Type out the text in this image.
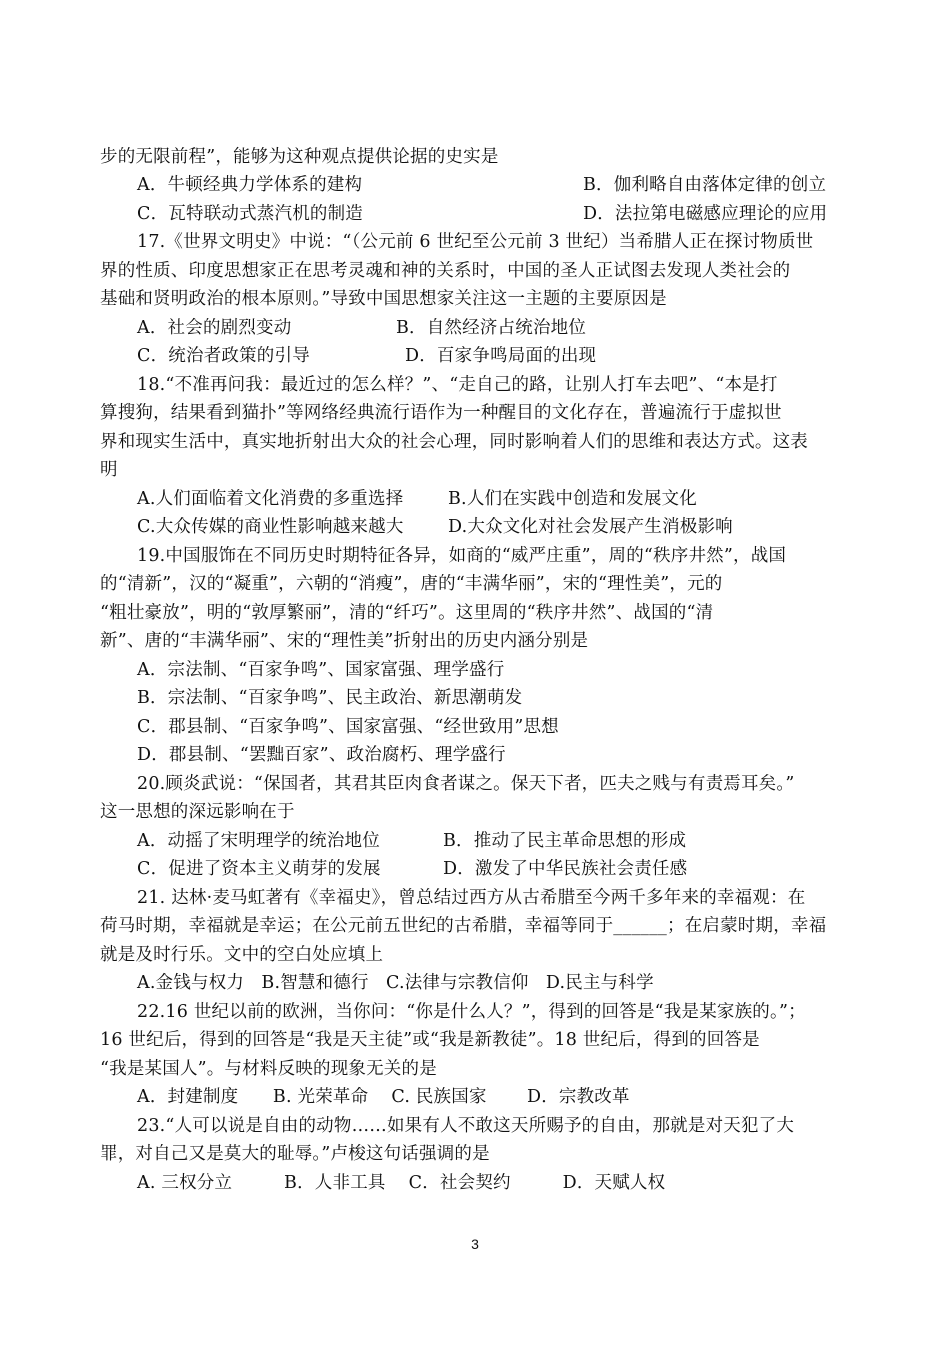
步的无限前程”，能够为这种观点提供论据的史实是
A．牛顿经典力学体系的建构	B．伽利略自由落体定律的创立
C．瓦特联动式蒸汽机的制造	D．法拉第电磁感应理论的应用
17.《世界文明史》中说：“（公元前 6 世纪至公元前 3 世纪）当希腊人正在探讨物质世
界的性质、印度思想家正在思考灵魂和神的关系时，中国的圣人正试图去发现人类社会的
基础和贤明政治的根本原则。”导致中国思想家关注这一主题的主要原因是
A．社会的剧烈变动	B．自然经济占统治地位
C．统治者政策的引导	D．百家争鸣局面的出现
18.“不准再问我：最近过的怎么样？”、“走自己的路，让别人打车去吧”、“本是打
算搜狗，结果看到猫扑”等网络经典流行语作为一种醒目的文化存在，普遍流行于虚拟世
界和现实生活中，真实地折射出大众的社会心理，同时影响着人们的思维和表达方式。这表
明
A.人们面临着文化消费的多重选择	B.人们在实践中创造和发展文化
C.大众传媒的商业性影响越来越大	D.大众文化对社会发展产生消极影响
19.中国服饰在不同历史时期特征各异，如商的“威严庄重”，周的“秩序井然”，战国
的“清新”，汉的“凝重”，六朝的“消瘦”，唐的“丰满华丽”，宋的“理性美”，元的
“粗壮豪放”，明的“敦厚繁丽”，清的“纤巧”。这里周的“秩序井然”、战国的“清
新”、唐的“丰满华丽”、宋的“理性美”折射出的历史内涵分别是
A．宗法制、“百家争鸣”、国家富强、理学盛行
B．宗法制、“百家争鸣”、民主政治、新思潮萌发
C．郡县制、“百家争鸣”、国家富强、“经世致用”思想
D．郡县制、“罢黜百家”、政治腐朽、理学盛行
20.顾炎武说：“保国者，其君其臣肉食者谋之。保天下者，匹夫之贱与有责焉耳矣。”
这一思想的深远影响在于
A．动摇了宋明理学的统治地位	B．推动了民主革命思想的形成
C．促进了资本主义萌芽的发展	D．激发了中华民族社会责任感
21. 达林·麦马虹著有《幸福史》，曾总结过西方从古希腊至今两千多年来的幸福观：在
荷马时期，幸福就是幸运；在公元前五世纪的古希腊，幸福等同于______；在启蒙时期，幸福
就是及时行乐。文中的空白处应填上
A.金钱与权力   B.智慧和德行   C.法律与宗教信仰   D.民主与科学
22.16 世纪以前的欧洲，当你问：“你是什么人？”，得到的回答是“我是某家族的。”；
16 世纪后，得到的回答是“我是天主徒”或“我是新教徒”。18 世纪后，得到的回答是
“我是某国人”。与材料反映的现象无关的是
A．封建制度      B. 光荣革命    C. 民族国家       D．宗教改革
23.“人可以说是自由的动物……如果有人不敢这天所赐予的自由，那就是对天犯了大
罪，对自己又是莫大的耻辱。”卢梭这句话强调的是
A. 三权分立         B．人非工具    C．社会契约         D．天赋人权
3
